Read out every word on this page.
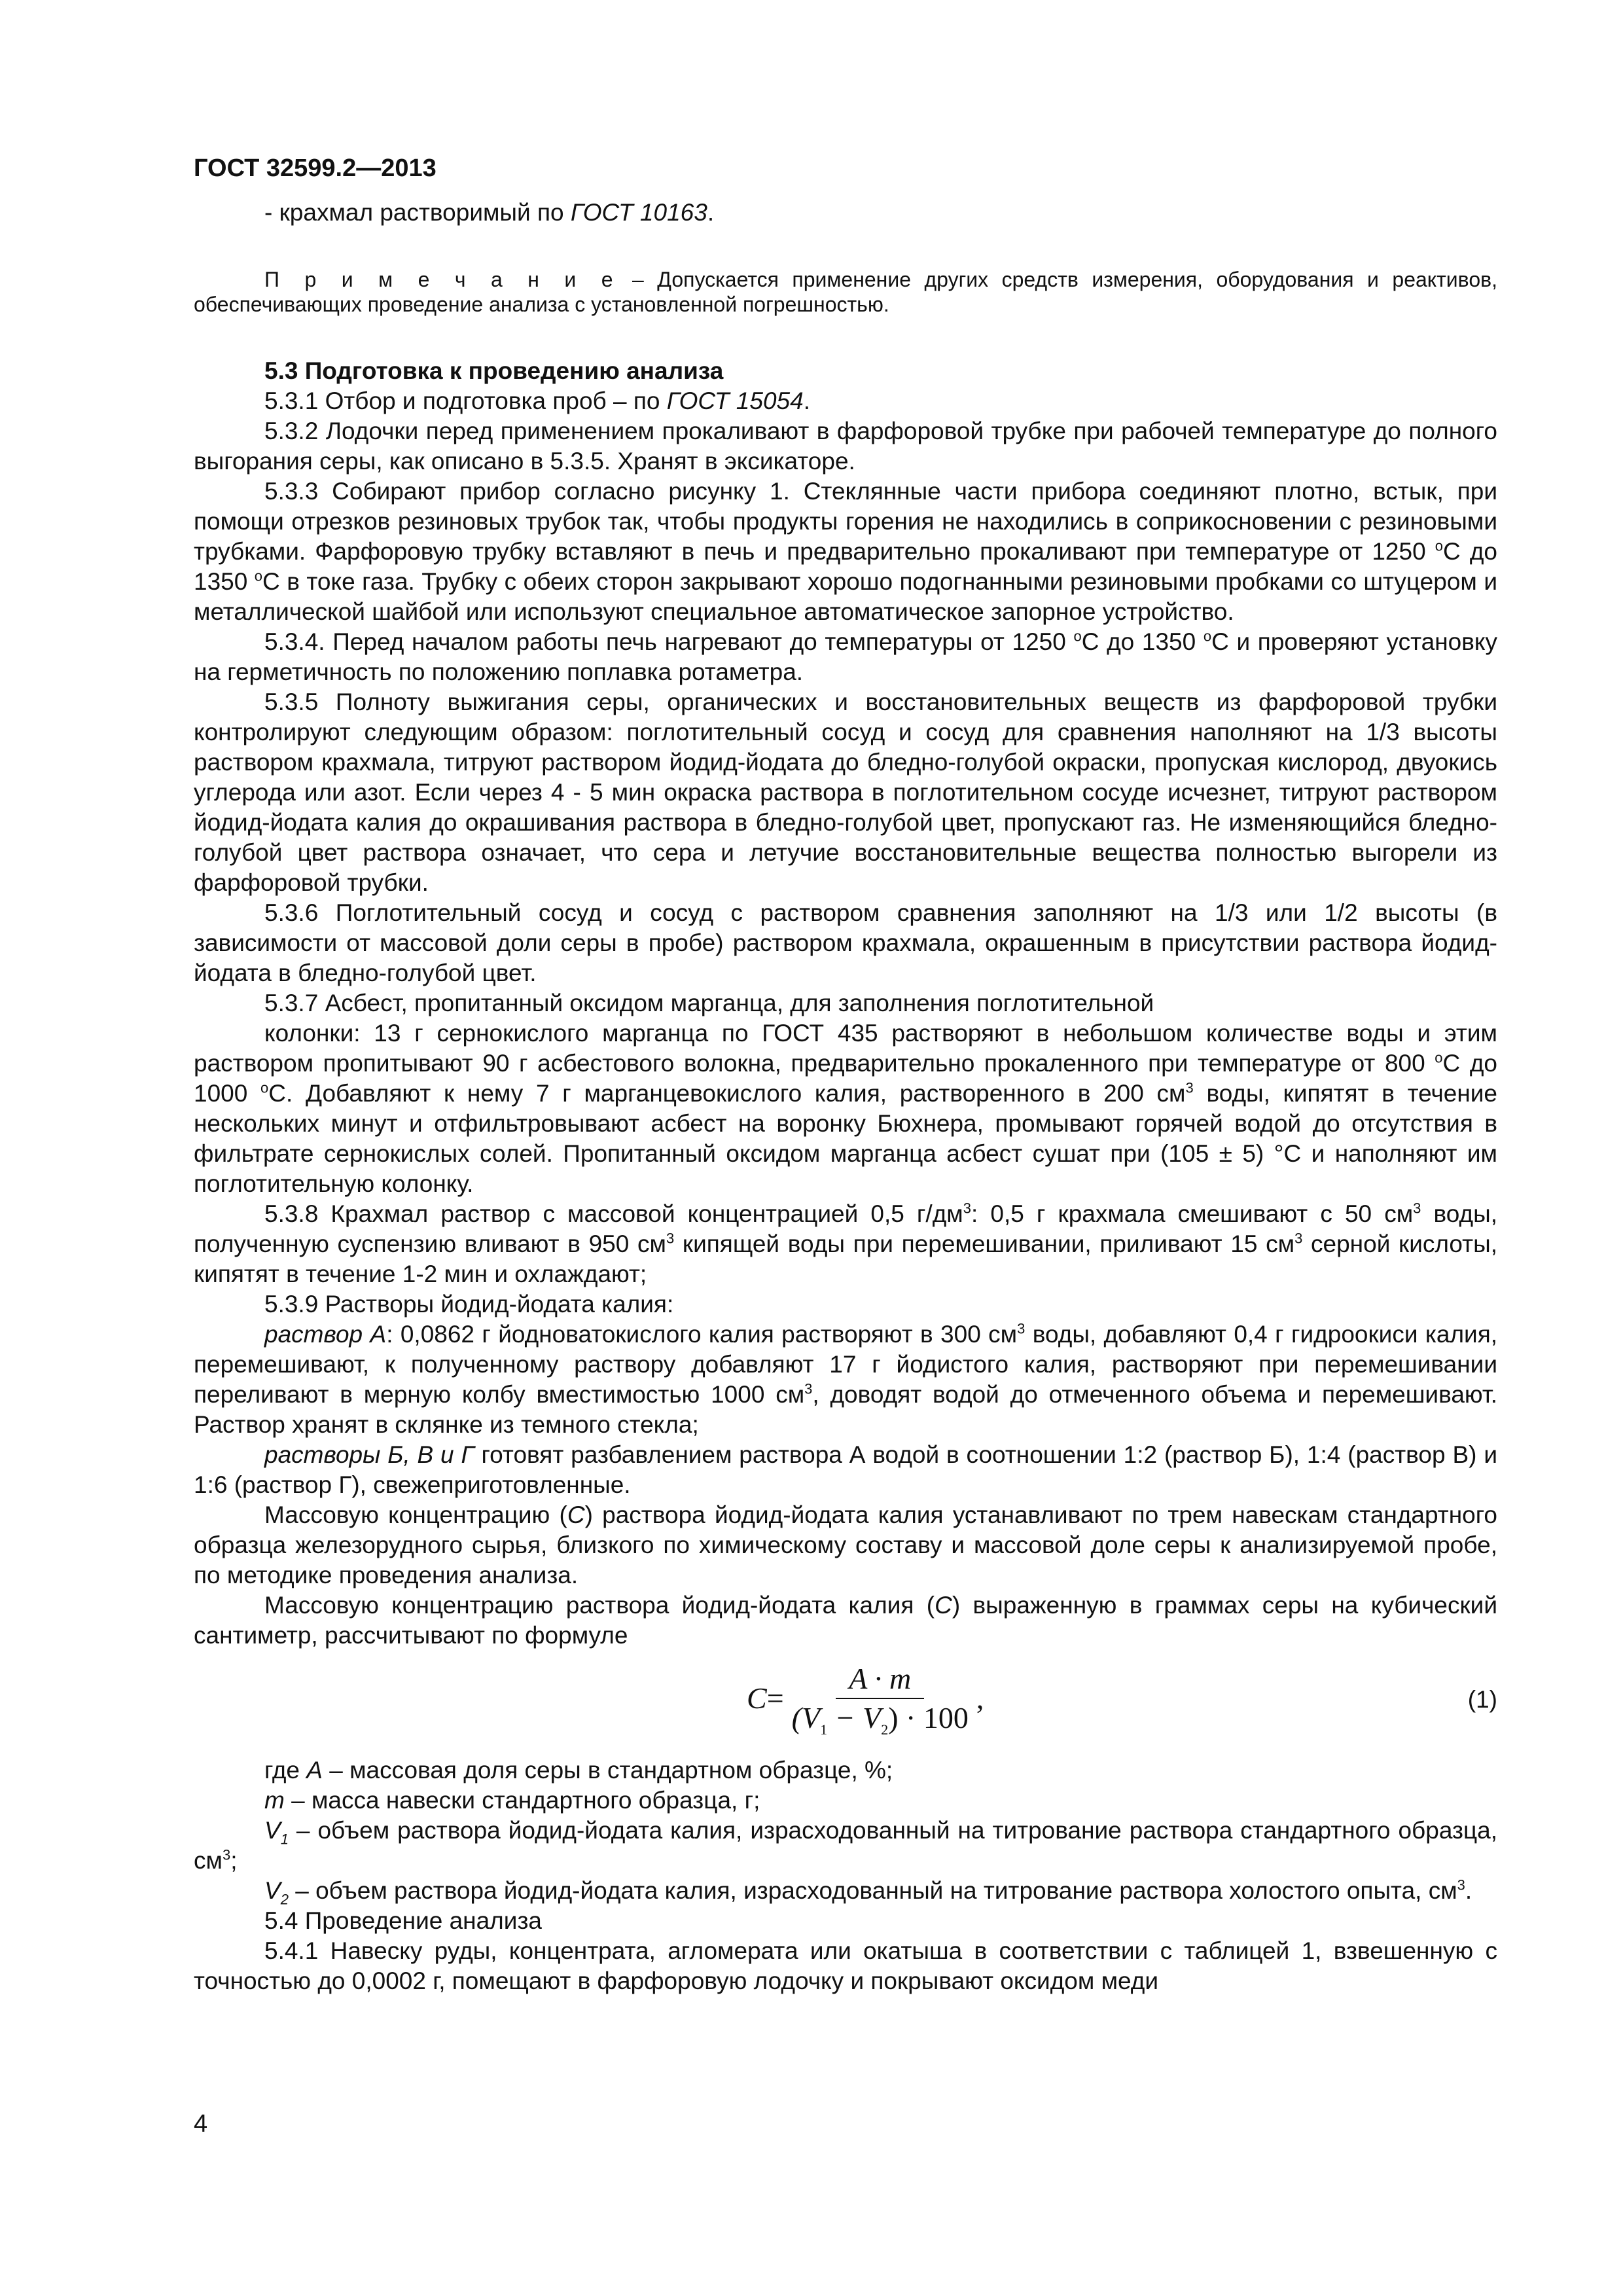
ГОСТ 32599.2—2013

- крахмал растворимый по ГОСТ 10163.

П р и м е ч а н и е – Допускается применение других средств измерения, оборудования и реактивов, обеспечивающих проведение анализа с установленной погрешностью.

5.3 Подготовка к проведению анализа

5.3.1 Отбор и подготовка проб – по ГОСТ 15054.

5.3.2 Лодочки перед применением прокаливают в фарфоровой трубке при рабочей температуре до полного выгорания серы, как описано в 5.3.5. Хранят в эксикаторе.

5.3.3 Собирают прибор согласно рисунку 1. Стеклянные части прибора соединяют плотно, встык, при помощи отрезков резиновых трубок так, чтобы продукты горения не находились в соприкосновении с резиновыми трубками. Фарфоровую трубку вставляют в печь и предварительно прокаливают при температуре от 1250 $^o$C до 1350 $^o$C в токе газа. Трубку с обеих сторон закрывают хорошо подогнанными резиновыми пробками со штуцером и металлической шайбой или используют специальное автоматическое запорное устройство.

5.3.4. Перед началом работы печь нагревают до температуры от 1250 $^o$C до 1350 $^o$C и проверяют установку на герметичность по положению поплавка ротаметра.

5.3.5 Полноту выжигания серы, органических и восстановительных веществ из фарфоровой трубки контролируют следующим образом: поглотительный сосуд и сосуд для сравнения наполняют на 1/3 высоты раствором крахмала, титруют раствором йодид-йодата до бледно-голубой окраски, пропуская кислород, двуокись углерода или азот. Если через 4 - 5 мин окраска раствора в поглотительном сосуде исчезнет, титруют раствором йодид-йодата калия до окрашивания раствора в бледно-голубой цвет, пропускают газ. Не изменяющийся бледно-голубой цвет раствора означает, что сера и летучие восстановительные вещества полностью выгорели из фарфоровой трубки.

5.3.6 Поглотительный сосуд и сосуд с раствором сравнения заполняют на 1/3 или 1/2 высоты (в зависимости от массовой доли серы в пробе) раствором крахмала, окрашенным в присутствии раствора йодид-йодата в бледно-голубой цвет.

5.3.7 Асбест, пропитанный оксидом марганца, для заполнения поглотительной

колонки: 13 г сернокислого марганца по ГОСТ 435 растворяют в небольшом количестве воды и этим раствором пропитывают 90 г асбестового волокна, предварительно прокаленного при температуре от 800 $^o$C до 1000 $^o$C. Добавляют к нему 7 г марганцевокислого калия, растворенного в 200 $см^3$ воды, кипятят в течение нескольких минут и отфильтровывают асбест на воронку Бюхнера, промывают горячей водой до отсутствия в фильтрате сернокислых солей. Пропитанный оксидом марганца асбест сушат при (105 ± 5) °С и наполняют им поглотительную колонку.

5.3.8 Крахмал раствор с массовой концентрацией 0,5 $г/дм^3$: 0,5 г крахмала смешивают с 50 $см^3$ воды, полученную суспензию вливают в 950 $см^3$ кипящей воды при перемешивании, приливают 15 $см^3$ серной кислоты, кипятят в течение 1-2 мин и охлаждают;

5.3.9 Растворы йодид-йодата калия:

раствор А: 0,0862 г йодноватокислого калия растворяют в 300 $см^3$ воды, добавляют 0,4 г гидроокиси калия, перемешивают, к полученному раствору добавляют 17 г йодистого калия, растворяют при перемешивании переливают в мерную колбу вместимостью 1000 $см^3$, доводят водой до отмеченного объема и перемешивают. Раствор хранят в склянке из темного стекла;

растворы Б, В и Г готовят разбавлением раствора А водой в соотношении 1:2 (раствор Б), 1:4 (раствор В) и 1:6 (раствор Г), свежеприготовленные.

Массовую концентрацию (С) раствора йодид-йодата калия устанавливают по трем навескам стандартного образца железорудного сырья, близкого по химическому составу и массовой доле серы к анализируемой пробе, по методике проведения анализа.

Массовую концентрацию раствора йодид-йодата калия (С) выраженную в граммах серы на кубический сантиметр, рассчитывают по формуле

$C = \frac{A \cdot m}{(V_1 - V_2) \cdot 100}$ ,	(1)

где A – массовая доля серы в стандартном образце, %;

m – масса навески стандартного образца, г;

$V_1$ – объем раствора йодид-йодата калия, израсходованный на титрование раствора стандартного образца, $см^3$;

$V_2$ – объем раствора йодид-йодата калия, израсходованный на титрование раствора холостого опыта, $см^3$.

5.4 Проведение анализа

5.4.1 Навеску руды, концентрата, агломерата или окатыша в соответствии с таблицей 1, взвешенную с точностью до 0,0002 г, помещают в фарфоровую лодочку и покрывают оксидом меди

4
